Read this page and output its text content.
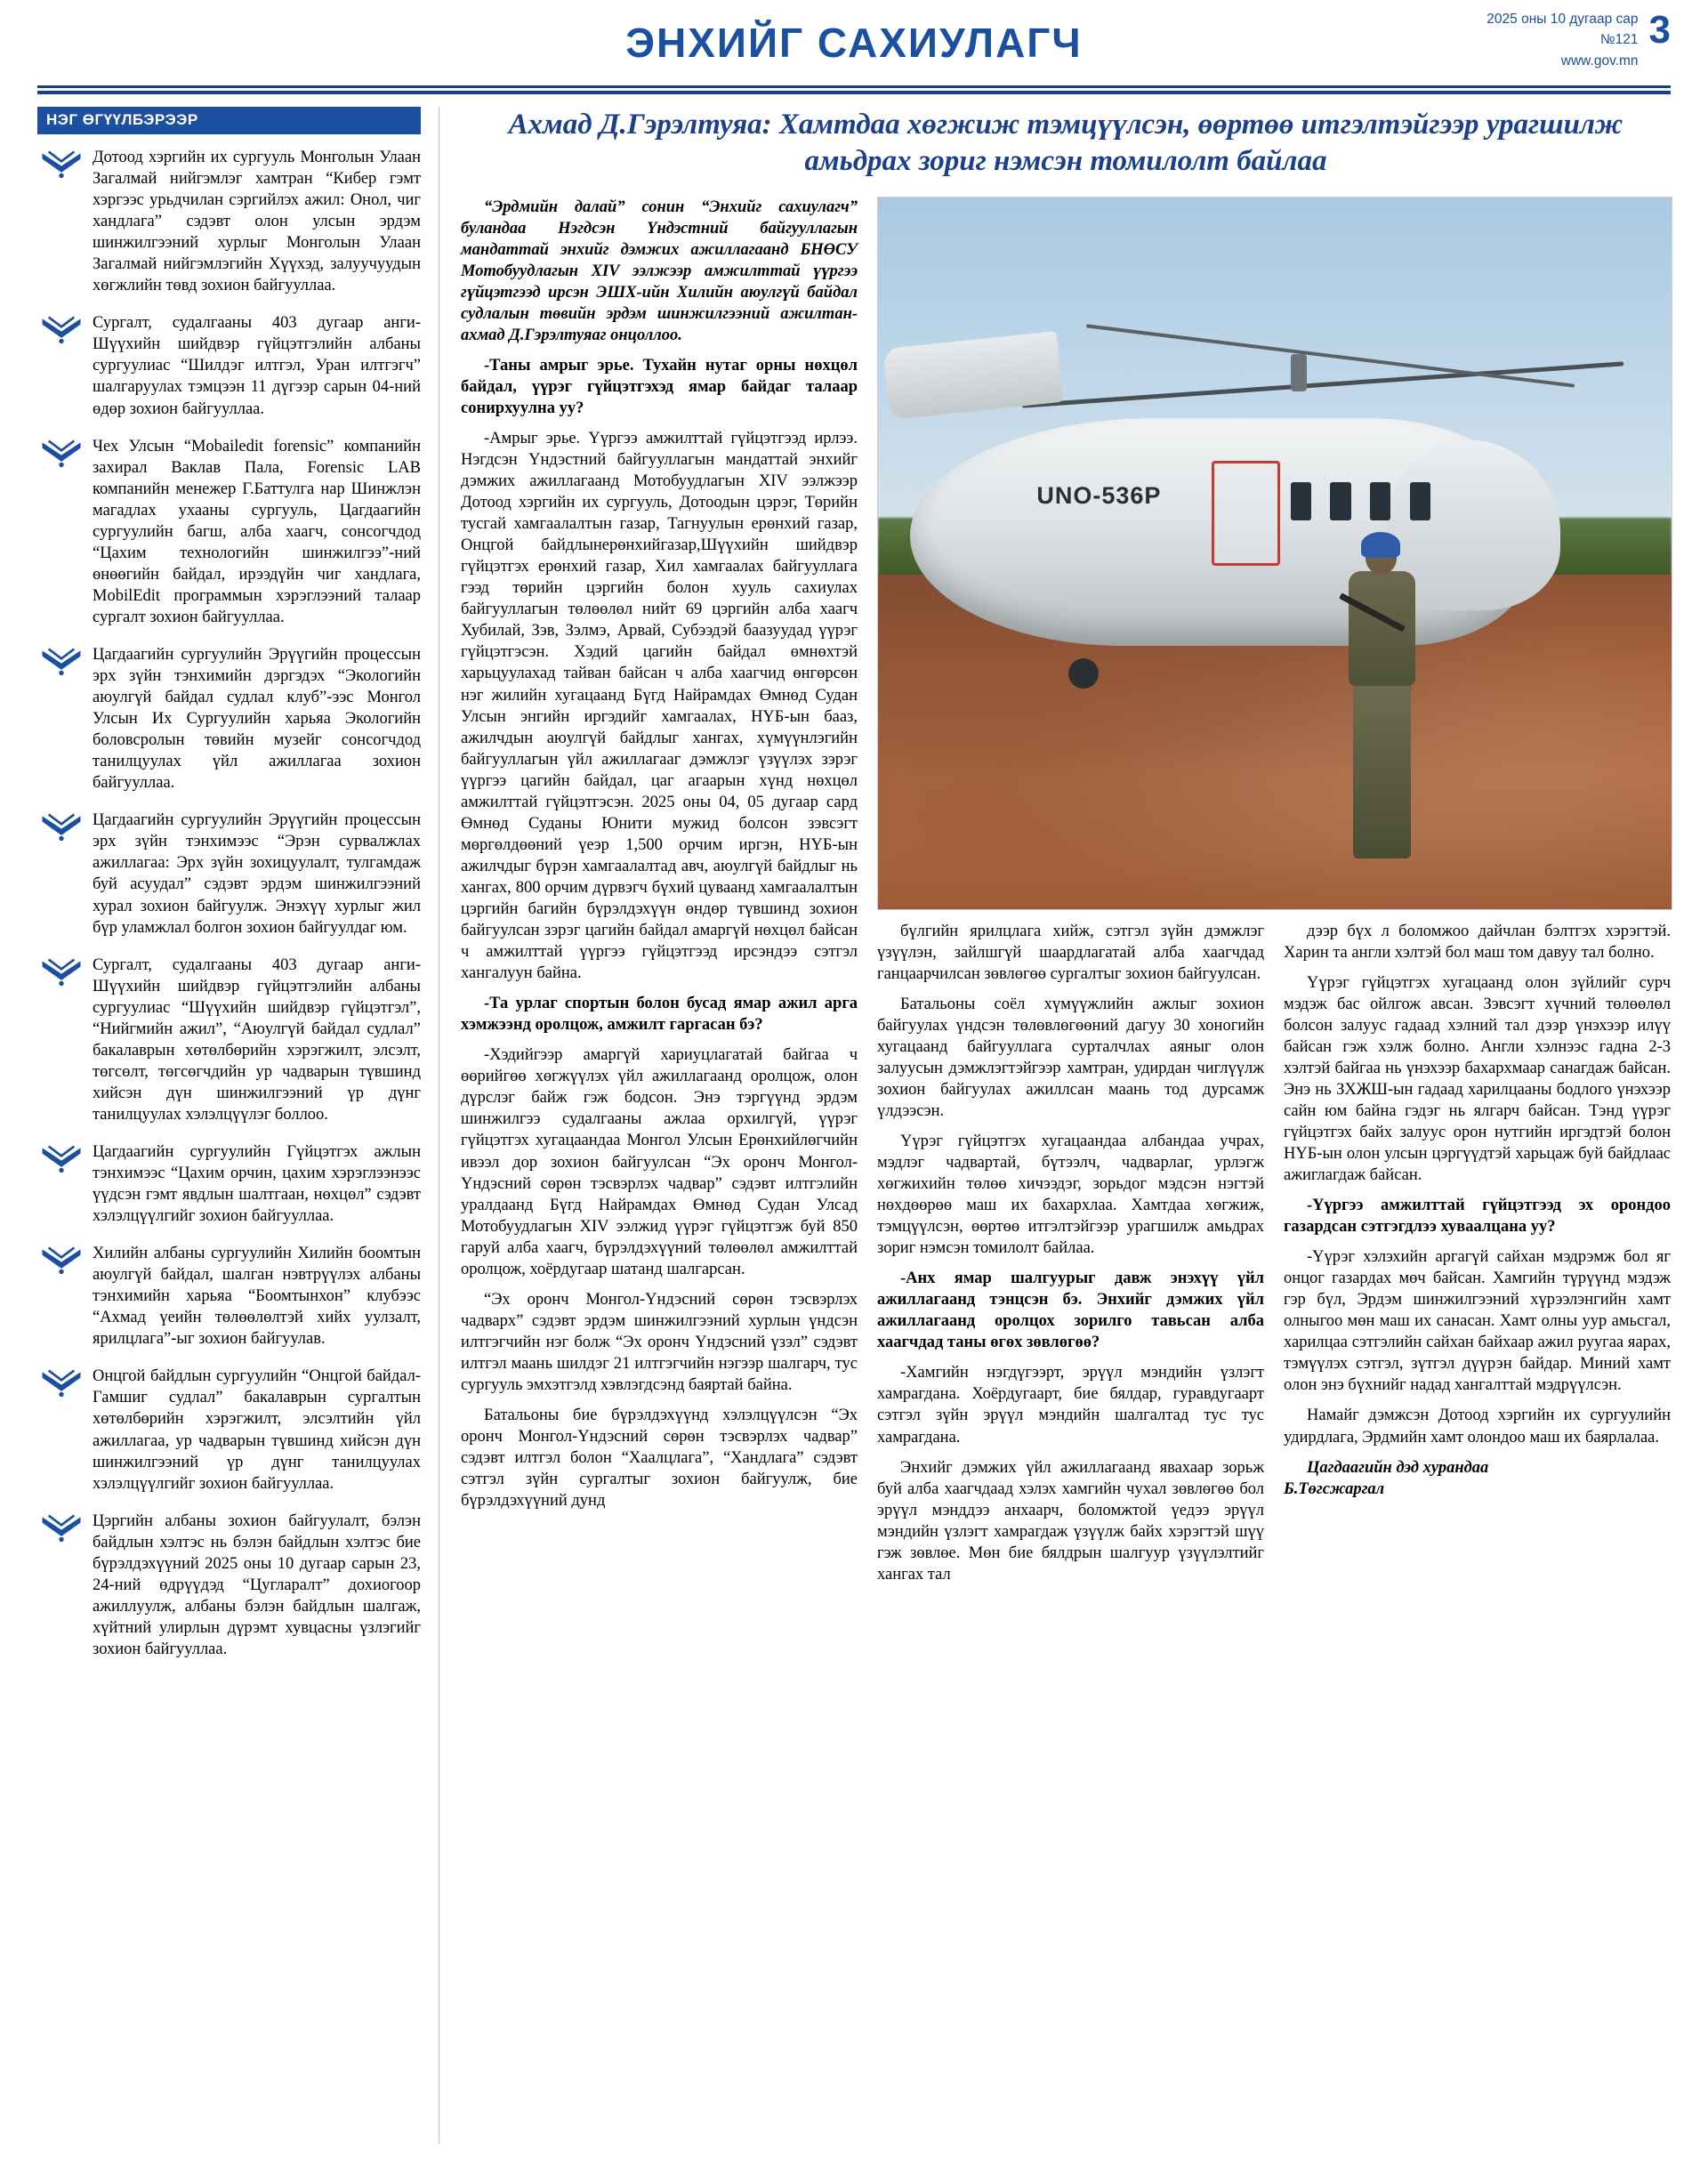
ЭНХИЙГ САХИУЛАГЧ
2025 оны 10 дугаар сар
№121
www.gov.mn
3
НЭГ ӨГҮҮЛБЭРЭЭР
Дотоод хэргийн их сургууль Монголын Улаан Загалмай нийгэмлэг хамтран “Кибер гэмт хэргээс урьдчилан сэргийлэх ажил: Онол, чиг хандлага” сэдэвт олон улсын эрдэм шинжилгээний хурлыг Монголын Улаан Загалмай нийгэмлэгийн Хүүхэд, залуучуудын хөгжлийн төвд зохион байгууллаа.
Сургалт, судалгааны 403 дугаар анги-Шүүхийн шийдвэр гүйцэтгэлийн албаны сургуулиас “Шилдэг илтгэл, Уран илтгэгч” шалгаруулах тэмцээн 11 дүгээр сарын 04-ний өдөр зохион байгууллаа.
Чех Улсын “Mobailedit forensic” компанийн захирал Ваклав Пала, Forensic LAB компанийн менежер Г.Баттулга нар Шинжлэн магадлах ухааны сургууль, Цагдаагийн сургуулийн багш, алба хаагч, сонсогчдод “Цахим технологийн шинжилгээ”-ний өнөөгийн байдал, ирээдүйн чиг хандлага, MobilEdit программын хэрэглээний талаар сургалт зохион байгууллаа.
Цагдаагийн сургуулийн Эрүүгийн процессын эрх зүйн тэнхимийн дэргэдэх “Экологийн аюулгүй байдал судлал клуб”-ээс Монгол Улсын Их Сургуулийн харьяа Экологийн боловсролын төвийн музейг сонсогчдод танилцуулах үйл ажиллагаа зохион байгууллаа.
Цагдаагийн сургуулийн Эрүүгийн процессын эрх зүйн тэнхимээс “Эрэн сурвалжлах ажиллагаа: Эрх зүйн зохицуулалт, тулгамдаж буй асуудал” сэдэвт эрдэм шинжилгээний хурал зохион байгуулж. Энэхүү хурлыг жил бүр уламжлал болгон зохион байгуулдаг юм.
Сургалт, судалгааны 403 дугаар анги-Шүүхийн шийдвэр гүйцэтгэлийн албаны сургуулиас “Шүүхийн шийдвэр гүйцэтгэл”, “Нийгмийн ажил”, “Аюулгүй байдал судлал” бакалаврын хөтөлбөрийн хэрэгжилт, элсэлт, төгсөлт, төгсөгчдийн ур чадварын түвшинд хийсэн дүн шинжилгээний үр дүнг танилцуулах хэлэлцүүлэг боллоо.
Цагдаагийн сургуулийн Гүйцэтгэх ажлын тэнхимээс “Цахим орчин, цахим хэрэглээнээс үүдсэн гэмт явдлын шалтгаан, нөхцөл” сэдэвт хэлэлцүүлгийг зохион байгууллаа.
Хилийн албаны сургуулийн Хилийн боомтын аюулгүй байдал, шалган нэвтрүүлэх албаны тэнхимийн харьяа “Боомтынхон” клубээс “Ахмад үеийн төлөөлөлтэй хийх уулзалт, ярилцлага”-ыг зохион байгуулав.
Онцгой байдлын сургуулийн “Онцгой байдал-Гамшиг судлал” бакалаврын сургалтын хөтөлбөрийн хэрэгжилт, элсэлтийн үйл ажиллагаа, ур чадварын түвшинд хийсэн дүн шинжилгээний үр дүнг танилцуулах хэлэлцүүлгийг зохион байгууллаа.
Цэргийн албаны зохион байгуулалт, бэлэн байдлын хэлтэс нь бэлэн байдлын хэлтэс бие бүрэлдэхүүний 2025 оны 10 дугаар сарын 23, 24-ний өдрүүдэд “Цугларалт” дохиогоор ажиллуулж, албаны бэлэн байдлын шалгаж, хүйтний улирлын дүрэмт хувцасны үзлэгийг зохион байгууллаа.
Ахмад Д.Гэрэлтуяа: Хамтдаа хөгжиж тэмцүүлсэн, өөртөө итгэлтэйгээр урагшилж амьдрах зориг нэмсэн томилолт байлаа

“Эрдмийн далай” сонин “Энхийг сахиулагч” буландаа Нэгдсэн Үндэстний байгууллагын мандаттай энхийг дэмжих ажиллагаанд БНӨСУ Мотобуудлагын XIV ээлжээр амжилттай үүргээ гүйцэтгээд ирсэн ЭШХ-ийн Хилийн аюулгүй байдал судлалын төвийн эрдэм шинжилгээний ажилтан-ахмад Д.Гэрэлтуяаг онцоллоо.

-Таны амрыг эрье. Тухайн нутаг орны нөхцөл байдал, үүрэг гүйцэтгэхэд ямар байдаг талаар сонирхуулна уу?

-Амрыг эрье. Үүргээ амжилттай гүйцэтгээд ирлээ. Нэгдсэн Үндэстний байгууллагын мандаттай энхийг дэмжих ажиллагаанд Мотобуудлагын XIV ээлжээр Дотоод хэргийн их сургууль, Дотоодын цэрэг, Төрийн тусгай хамгаалалтын газар, Тагнуулын ерөнхий газар, Онцгой байдлынерөнхийгазар,Шүүхийн шийдвэр гүйцэтгэх ерөнхий газар, Хил хамгаалах байгууллага гээд төрийн цэргийн болон хууль сахиулах байгууллагын төлөөлөл нийт 69 цэргийн алба хаагч Хубилай, Зэв, Зэлмэ, Арвай, Субээдэй баазуудад үүрэг гүйцэтгэсэн. Хэдий цагийн байдал өмнөхтэй харьцуулахад тайван байсан ч алба хаагчид өнгөрсөн нэг жилийн хугацаанд Бүгд Найрамдах Өмнөд Судан Улсын энгийн иргэдийг хамгаалах, НҮБ-ын бааз, ажилчдын аюулгүй байдлыг хангах, хүмүүнлэгийн байгууллагын үйл ажиллагааг дэмжлэг үзүүлэх зэрэг үүргээ цагийн байдал, цаг агаарын хүнд нөхцөл амжилттай гүйцэтгэсэн. 2025 оны 04, 05 дугаар сард Өмнөд Суданы Юнити мужид болсон зэвсэгт мөргөлдөөний үеэр 1,500 орчим иргэн, НҮБ-ын ажилчдыг бүрэн хамгаалалтад авч, аюулгүй байдлыг нь хангах, 800 орчим дүрвэгч бүхий цуваанд хамгаалалтын цэргийн багийн бүрэлдэхүүн өндөр түвшинд зохион байгуулсан зэрэг цагийн байдал амаргүй нөхцөл байсан ч амжилттай үүргээ гүйцэтгээд ирсэндээ сэтгэл хангалуун байна.

-Та урлаг спортын болон бусад ямар ажил арга хэмжээнд оролцож, амжилт гаргасан бэ?

-Хэдийгээр амаргүй хариуцлагатай байгаа ч өөрийгөө хөгжүүлэх үйл ажиллагаанд оролцож, олон дүрслэг байж гэж бодсон. Энэ тэргүүнд эрдэм шинжилгээ судалгааны ажлаа орхилгүй, үүрэг гүйцэтгэх хугацаандаа Монгол Улсын Ерөнхийлөгчийн ивээл дор зохион байгуулсан “Эх оронч Монгол-Үндэсний сөрөн тэсвэрлэх чадвар” сэдэвт илтгэлийн уралдаанд Бүгд Найрамдах Өмнөд Судан Улсад Мотобуудлагын XIV ээлжид үүрэг гүйцэтгэж буй 850 гаруй алба хаагч, бүрэлдэхүүний төлөөлөл амжилттай оролцож, хоёрдугаар шатанд шалгарсан.

“Эх оронч Монгол-Үндэсний сөрөн тэсвэрлэх чадварх” сэдэвт эрдэм шинжилгээний хурлын үндсэн илтгэгчийн нэг болж “Эх оронч Үндэсний үзэл” сэдэвт илтгэл маань шилдэг 21 илтгэгчийн нэгээр шалгарч, тус сургууль эмхэтгэлд хэвлэгдсэнд баяртай байна.

Батальоны бие бүрэлдэхүүнд хэлэлцүүлсэн “Эх оронч Монгол-Үндэсний сөрөн тэсвэрлэх чадвар” сэдэвт илтгэл болон “Хаалцлага”, “Хандлага” сэдэвт сэтгэл зүйн сургалтыг зохион байгуулж, бие бүрэлдэхүүний дунд

UNO-536P

бүлгийн ярилцлага хийж, сэтгэл зүйн дэмжлэг үзүүлэн, зайлшгүй шаардлагатай алба хаагчдад ганцаарчилсан зөвлөгөө сургалтыг зохион байгуулсан.

Батальоны соёл хүмүүжлийн ажлыг зохион байгуулах үндсэн төлөвлөгөөний дагуу 30 хоногийн хугацаанд байгууллага сурталчлах аяныг олон залуусын дэмжлэгтэйгээр хамтран, удирдан чиглүүлж зохион байгуулах ажиллсан маань тод дурсамж үлдээсэн.

Үүрэг гүйцэтгэх хугацаандаа албандаа учрах, мэдлэг чадвартай, бүтээлч, чадварлаг, урлэгж хөгжихийн төлөө хичээдэг, зорьдог мэдсэн нэгтэй нөхдөөрөө маш их бахархлаа. Хамтдаа хөгжиж, тэмцүүлсэн, өөртөө итгэлтэйгээр урагшилж амьдрах зориг нэмсэн томилолт байлаа.

-Анх ямар шалгуурыг давж энэхүү үйл ажиллагаанд тэнцсэн бэ. Энхийг дэмжих үйл ажиллагаанд оролцох зорилго тавьсан алба хаагчдад таны өгөх зөвлөгөө?

-Хамгийн нэгдүгээрт, эрүүл мэндийн үзлэгт хамрагдана. Хоёрдугаарт, бие бялдар, гуравдугаарт сэтгэл зүйн эрүүл мэндийн шалгалтад тус тус хамрагдана.

Энхийг дэмжих үйл ажиллагаанд явахаар зорьж буй алба хаагчдаад хэлэх хамгийн чухал зөвлөгөө бол эрүүл мэнддээ анхаарч, боломжтой үедээ эрүүл мэндийн үзлэгт хамрагдаж үзүүлж байх хэрэгтэй шүү гэж зөвлөе. Мөн бие бялдрын шалгуур үзүүлэлтийг хангах тал

дээр бүх л боломжоо дайчлан бэлтгэх хэрэгтэй. Харин та англи хэлтэй бол маш том давуу тал болно.

Үүрэг гүйцэтгэх хугацаанд олон зүйлийг сурч мэдэж бас ойлгож авсан. Зэвсэгт хүчний төлөөлөл болсон залуус гадаад хэлний тал дээр үнэхээр илүү байсан гэж хэлж болно. Англи хэлнээс гадна 2-3 хэлтэй байгаа нь үнэхээр бахархмаар санагдаж байсан. Энэ нь ЗХЖШ-ын гадаад харилцааны бодлого үнэхээр сайн юм байна гэдэг нь ялгарч байсан. Тэнд үүрэг гүйцэтгэх байх залуус орон нутгийн иргэдтэй болон НҮБ-ын олон улсын цэргүүдтэй харьцаж буй байдлаас ажиглагдаж байсан.

-Үүргээ амжилттай гүйцэтгээд эх орондоо газардсан сэтгэгдлээ хуваалцана уу?

-Үүрэг хэлэхийн аргагүй сайхан мэдрэмж бол яг онцог газардах мөч байсан. Хамгийн түрүүнд мэдэж гэр бүл, Эрдэм шинжилгээний хүрээлэнгийн хамт олныгоо мөн маш их санасан. Хамт олны уур амьсгал, харилцаа сэтгэлийн сайхан байхаар ажил руугаа яарах, тэмүүлэх сэтгэл, зүтгэл дүүрэн байдар. Миний хамт олон энэ бүхнийг надад хангалттай мэдрүүлсэн.

Намайг дэмжсэн Дотоод хэргийн их сургуулийн удирдлага, Эрдмийн хамт олондоо маш их баярлалаа.

Цагдаагийн дэд хурандаа
Б.Төгсжаргал
